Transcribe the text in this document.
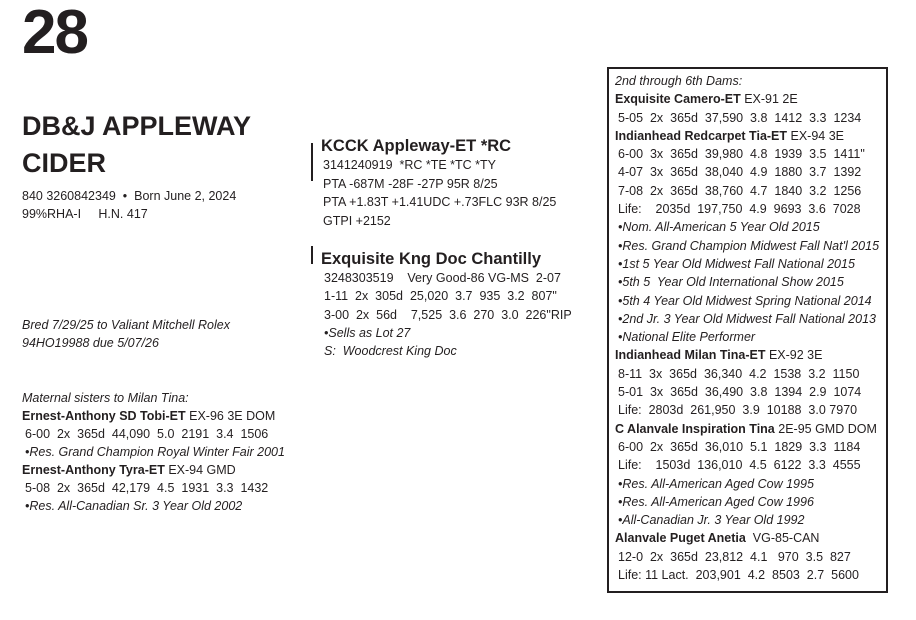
28
DB&J APPLEWAY
CIDER
840 3260842349  •  Born June 2, 2024
99%RHA-I     H.N. 417
Bred 7/29/25 to Valiant Mitchell Rolex
94HO19988 due 5/07/26
Maternal sisters to Milan Tina:
Ernest-Anthony SD Tobi-ET EX-96 3E DOM
6-00  2x  365d  44,090  5.0  2191  3.4  1506
•Res. Grand Champion Royal Winter Fair 2001
Ernest-Anthony Tyra-ET EX-94 GMD
5-08  2x  365d  42,179  4.5  1931  3.3  1432
•Res. All-Canadian Sr. 3 Year Old 2002
KCCK Appleway-ET *RC
3141240919  *RC *TE *TC *TY
PTA -687M -28F -27P 95R 8/25
PTA +1.83T +1.41UDC +.73FLC 93R 8/25
GTPI +2152
Exquisite Kng Doc Chantilly
3248303519    Very Good-86 VG-MS  2-07
1-11  2x  305d  25,020  3.7  935  3.2  807"
3-00  2x  56d    7,525  3.6  270  3.0  226"RIP
•Sells as Lot 27
S:  Woodcrest King Doc
2nd through 6th Dams:
Exquisite Camero-ET EX-91 2E
5-05  2x  365d  37,590  3.8  1412  3.3  1234
Indianhead Redcarpet Tia-ET EX-94 3E
6-00  3x  365d  39,980  4.8  1939  3.5  1411"
4-07  3x  365d  38,040  4.9  1880  3.7  1392
7-08  2x  365d  38,760  4.7  1840  3.2  1256
Life:    2035d  197,750  4.9  9693  3.6  7028
•Nom. All-American 5 Year Old 2015
•Res. Grand Champion Midwest Fall Nat'l 2015
•1st 5 Year Old Midwest Fall National 2015
•5th 5  Year Old International Show 2015
•5th 4 Year Old Midwest Spring National 2014
•2nd Jr. 3 Year Old Midwest Fall National 2013
•National Elite Performer
Indianhead Milan Tina-ET EX-92 3E
8-11  3x  365d  36,340  4.2  1538  3.2  1150
5-01  3x  365d  36,490  3.8  1394  2.9  1074
Life:  2803d  261,950  3.9  10188  3.0 7970
C Alanvale Inspiration Tina 2E-95 GMD DOM
6-00  2x  365d  36,010  5.1  1829  3.3  1184
Life:    1503d  136,010  4.5  6122  3.3  4555
•Res. All-American Aged Cow 1995
•Res. All-American Aged Cow 1996
•All-Canadian Jr. 3 Year Old 1992
Alanvale Puget Anetia  VG-85-CAN
12-0  2x  365d  23,812  4.1   970  3.5  827
Life: 11 Lact.  203,901  4.2  8503  2.7  5600
